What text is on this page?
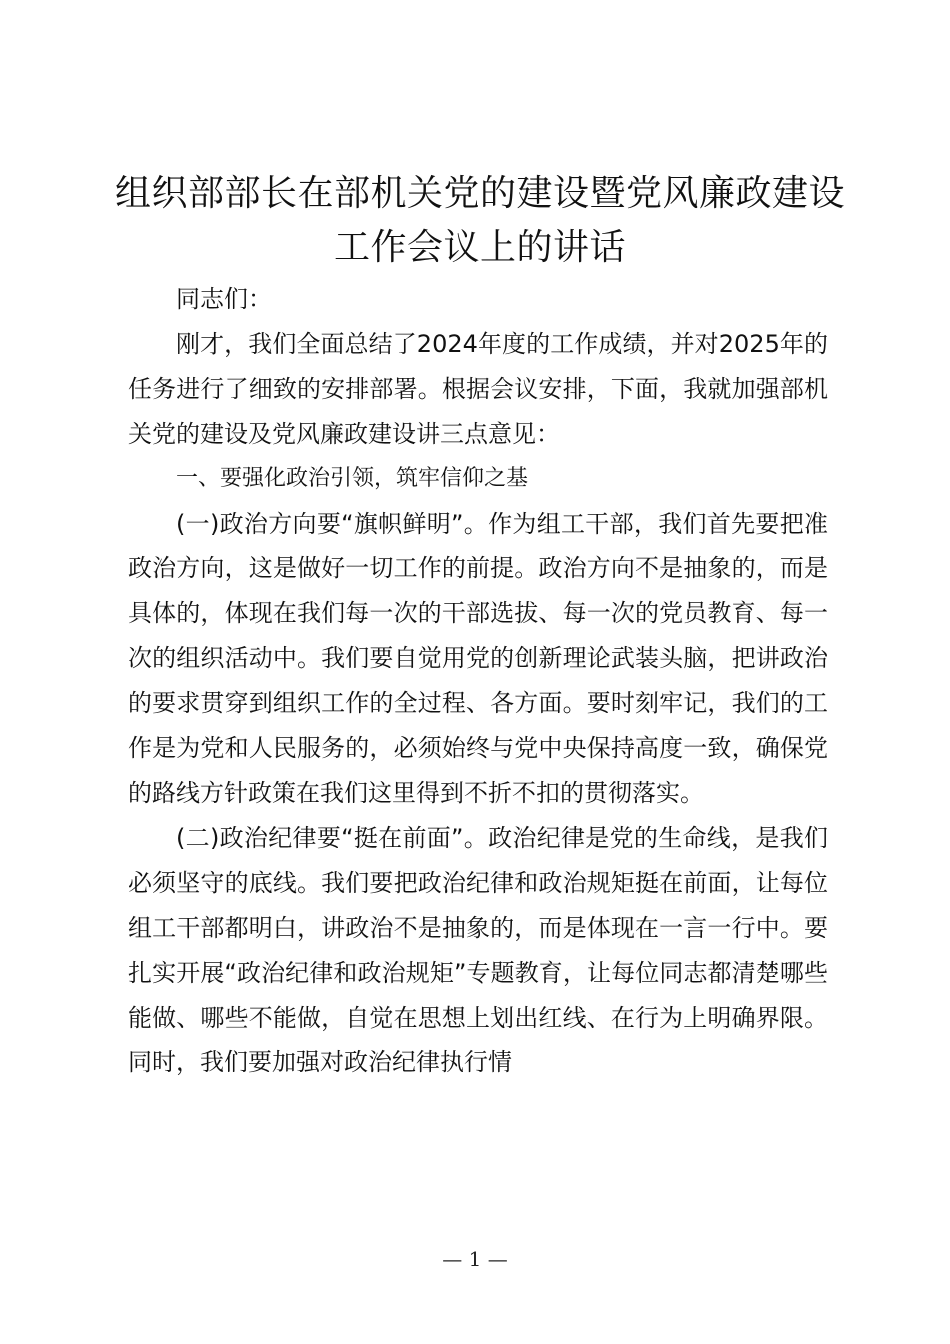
组织部部长在部机关党的建设暨党风廉政建设
工作会议上的讲话

同志们：

刚才，我们全面总结了2024年度的工作成绩，并对2025年的任务进行了细致的安排部署。根据会议安排，下面，我就加强部机关党的建设及党风廉政建设讲三点意见：

一、要强化政治引领，筑牢信仰之基

(一)政治方向要“旗帜鲜明”。作为组工干部，我们首先要把准政治方向，这是做好一切工作的前提。政治方向不是抽象的，而是具体的，体现在我们每一次的干部选拔、每一次的党员教育、每一次的组织活动中。我们要自觉用党的创新理论武装头脑，把讲政治的要求贯穿到组织工作的全过程、各方面。要时刻牢记，我们的工作是为党和人民服务的，必须始终与党中央保持高度一致，确保党的路线方针政策在我们这里得到不折不扣的贯彻落实。

(二)政治纪律要“挺在前面”。政治纪律是党的生命线，是我们必须坚守的底线。我们要把政治纪律和政治规矩挺在前面，让每位组工干部都明白，讲政治不是抽象的，而是体现在一言一行中。要扎实开展“政治纪律和政治规矩”专题教育，让每位同志都清楚哪些能做、哪些不能做，自觉在思想上划出红线、在行为上明确界限。同时，我们要加强对政治纪律执行情

— 1 —
